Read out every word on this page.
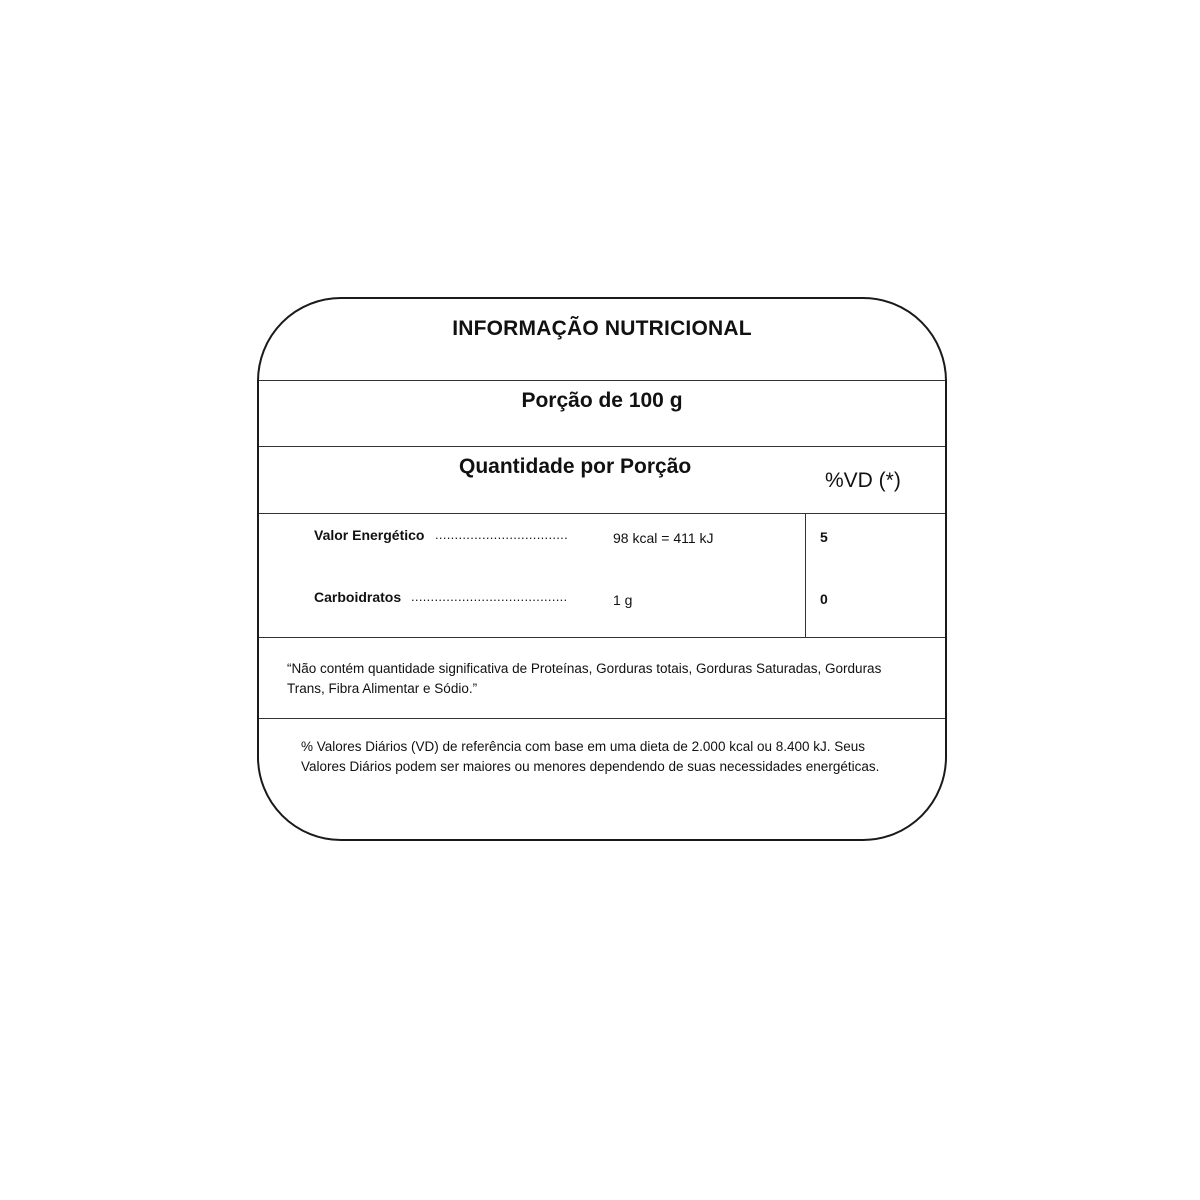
INFORMAÇÃO NUTRICIONAL
Porção de 100 g
Quantidade por Porção
%VD (*)
Valor Energético ..................................	98 kcal = 411 kJ	5
Carboidratos ........................................	1 g	0
“Não contém quantidade significativa de Proteínas, Gorduras totais, Gorduras Saturadas, Gorduras Trans, Fibra Alimentar e Sódio.”
% Valores Diários (VD) de referência com base em uma dieta de 2.000 kcal ou 8.400 kJ. Seus Valores Diários podem ser maiores ou menores dependendo de suas necessidades energéticas.
